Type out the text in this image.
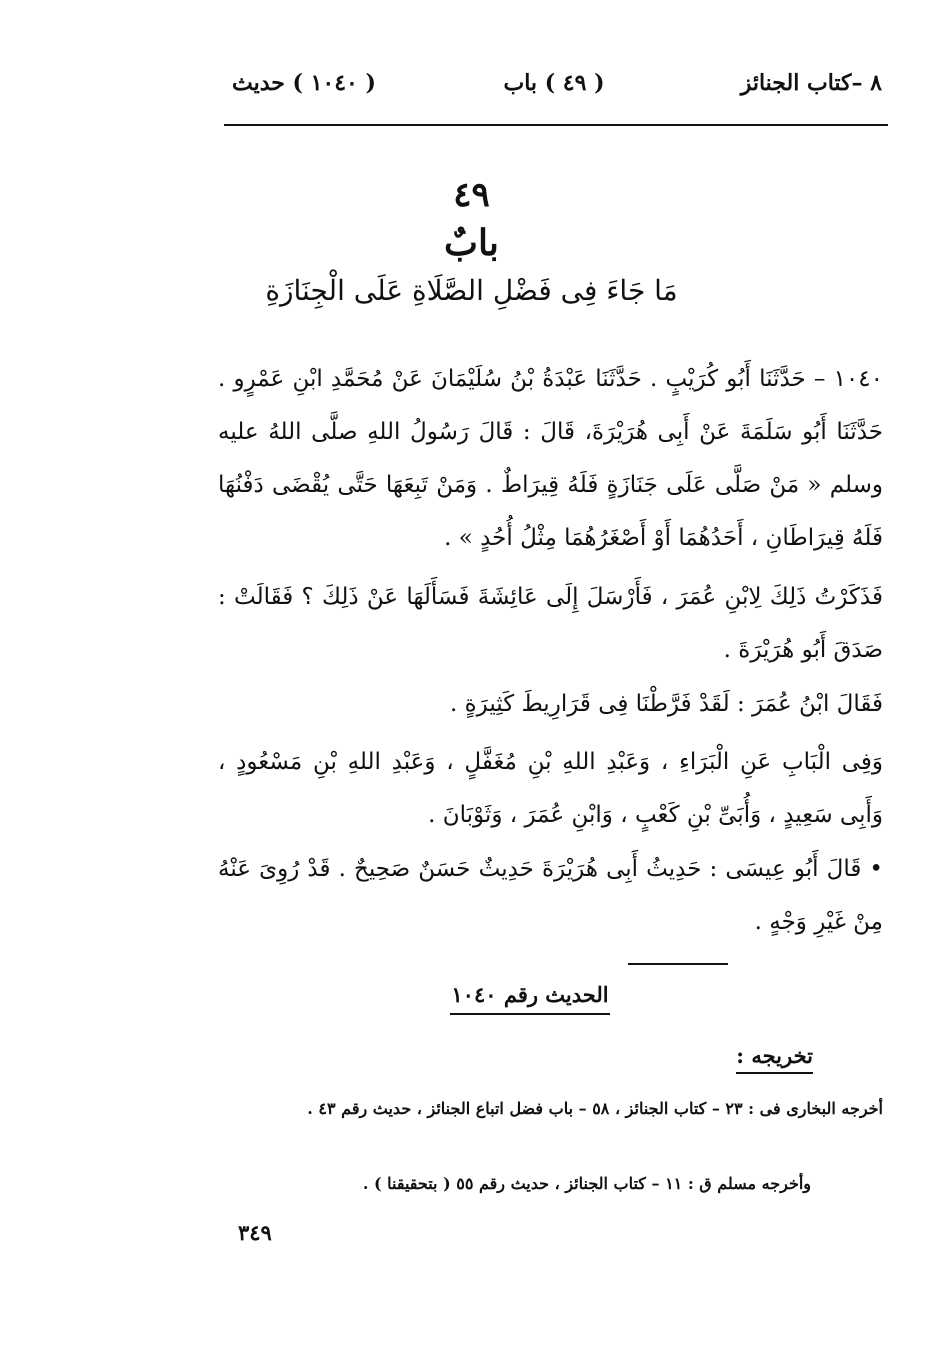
٨ –كتاب الجنائز
( ٤٩ ) باب
( ١٠٤٠ ) حديث
٤٩
بابٌ
مَا جَاءَ فِى فَضْلِ الصَّلَاةِ عَلَى الْجِنَازَةِ
١٠٤٠ – حَدَّثَنَا أَبُو كُرَيْبٍ . حَدَّثَنَا عَبْدَةُ بْنُ سُلَيْمَانَ عَنْ مُحَمَّدِ ابْنِ عَمْرٍو . حَدَّثَنَا أَبُو سَلَمَةَ عَنْ أَبِى هُرَيْرَةَ، قَالَ : قَالَ رَسُولُ اللهِ صلَّى اللهُ عليه وسلم « مَنْ صَلَّى عَلَى جَنَازَةٍ فَلَهُ قِيرَاطٌ . وَمَنْ تَبِعَهَا حَتَّى يُقْضَى دَفْنُهَا فَلَهُ قِيرَاطَانِ ، أَحَدُهُمَا أَوْ أَصْغَرُهُمَا مِثْلُ أُحُدٍ » .
فَذَكَرْتُ ذَلِكَ لِابْنِ عُمَرَ ، فَأَرْسَلَ إِلَى عَائِشَةَ فَسَأَلَهَا عَنْ ذَلِكَ ؟ فَقَالَتْ : صَدَقَ أَبُو هُرَيْرَةَ .
فَقَالَ ابْنُ عُمَرَ : لَقَدْ فَرَّطْنَا فِى قَرَارِيطَ كَثِيرَةٍ .
وَفِى الْبَابِ عَنِ الْبَرَاءِ ، وَعَبْدِ اللهِ بْنِ مُغَفَّلٍ ، وَعَبْدِ اللهِ بْنِ مَسْعُودٍ ، وَأَبِى سَعِيدٍ ، وَأُبَىِّ بْنِ كَعْبٍ ، وَابْنِ عُمَرَ ، وَثَوْبَانَ .
• قَالَ أَبُو عِيسَى : حَدِيثُ أَبِى هُرَيْرَةَ حَدِيثٌ حَسَنٌ صَحِيحٌ . قَدْ رُوِىَ عَنْهُ مِنْ غَيْرِ وَجْهٍ .
الحديث رقم ١٠٤٠
تخريجه :
أخرجه البخارى فى : ٢٣ – كتاب الجنائز ، ٥٨ – باب فضل اتباع الجنائز ، حديث رقم ٤٣ .
وأخرجه مسلم ق : ١١ – كتاب الجنائز ، حديث رقم ٥٥ ( بتحقيقنا ) .
٣٤٩
